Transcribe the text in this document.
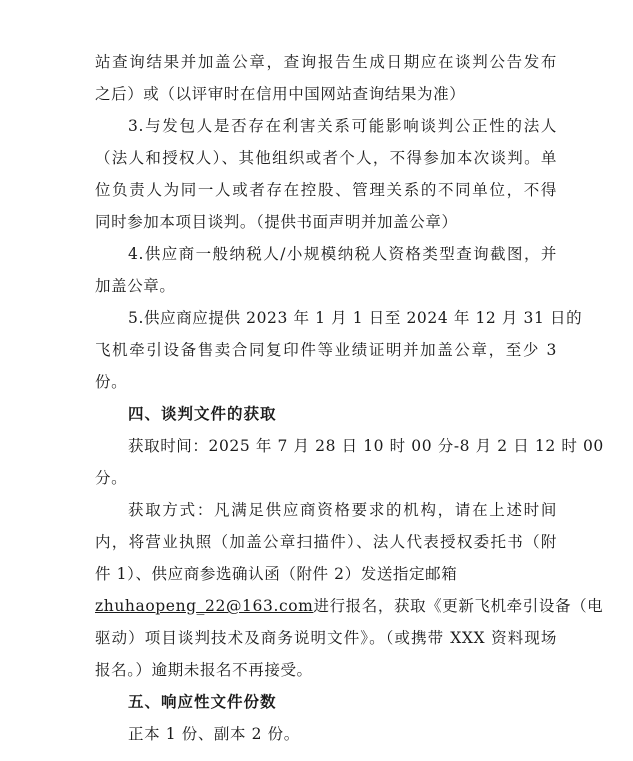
站查询结果并加盖公章，查询报告生成日期应在谈判公告发布
之后）或（以评审时在信用中国网站查询结果为准）
3.与发包人是否存在利害关系可能影响谈判公正性的法人
（法人和授权人）、其他组织或者个人，不得参加本次谈判。单
位负责人为同一人或者存在控股、管理关系的不同单位，不得
同时参加本项目谈判。（提供书面声明并加盖公章）
4.供应商一般纳税人/小规模纳税人资格类型查询截图，并
加盖公章。
5.供应商应提供 2023 年 1 月 1 日至 2024 年 12 月 31 日的
飞机牵引设备售卖合同复印件等业绩证明并加盖公章，至少 3
份。
四、谈判文件的获取
获取时间：2025 年 7 月 28 日 10 时 00 分-8 月 2 日 12 时 00
分。
获取方式：凡满足供应商资格要求的机构，请在上述时间
内，将营业执照（加盖公章扫描件）、法人代表授权委托书（附
件 1）、供应商参选确认函（附件 2）发送指定邮箱
zhuhaopeng_22@163.com进行报名，获取《更新飞机牵引设备（电
驱动）项目谈判技术及商务说明文件》。（或携带 XXX 资料现场
报名。）逾期未报名不再接受。
五、响应性文件份数
正本 1 份、副本 2 份。
